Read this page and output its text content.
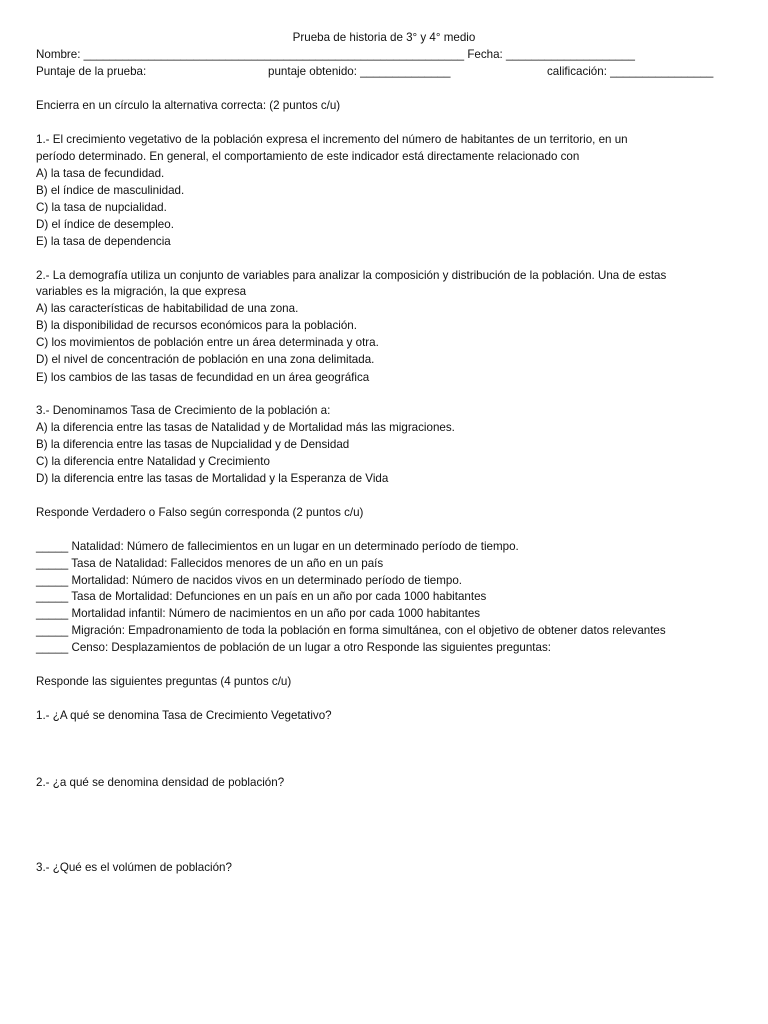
Prueba de historia de 3° y 4° medio
Nombre: ___________________________________________________________ Fecha: ____________________
Puntaje de la prueba:	puntaje obtenido: ______________	calificación: ________________
Encierra en un círculo la alternativa correcta: (2 puntos c/u)
1.- El crecimiento vegetativo de la población expresa el incremento del número de habitantes de un territorio, en un
período determinado. En general, el comportamiento de este indicador está directamente relacionado con
A) la tasa de fecundidad.
B) el índice de masculinidad.
C) la tasa de nupcialidad.
D) el índice de desempleo.
E) la tasa de dependencia
2.- La demografía utiliza un conjunto de variables para analizar la composición y distribución de la población. Una de estas
variables es la migración, la que expresa
A) las características de habitabilidad de una zona.
B) la disponibilidad de recursos económicos para la población.
C) los movimientos de población entre un área determinada y otra.
D) el nivel de concentración de población en una zona delimitada.
E) los cambios de las tasas de fecundidad en un área geográfica
3.- Denominamos Tasa de Crecimiento de la población a:
A) la diferencia entre las tasas de Natalidad y de Mortalidad más las migraciones.
B) la diferencia entre las tasas de Nupcialidad y de Densidad
C) la diferencia entre Natalidad y Crecimiento
D) la diferencia entre las tasas de Mortalidad y la Esperanza de Vida
Responde Verdadero o Falso según corresponda (2 puntos c/u)
_____ Natalidad: Número de fallecimientos en un lugar en un determinado período de tiempo.
_____ Tasa de Natalidad: Fallecidos menores de un año en un país
_____ Mortalidad: Número de nacidos vivos en un determinado período de tiempo.
_____ Tasa de Mortalidad: Defunciones en un país en un año por cada 1000 habitantes
_____ Mortalidad infantil: Número de nacimientos en un año por cada 1000 habitantes
_____ Migración: Empadronamiento de toda la población en forma simultánea, con el objetivo de obtener datos relevantes
_____ Censo: Desplazamientos de población de un lugar a otro Responde las siguientes preguntas:
Responde las siguientes preguntas (4 puntos c/u)
1.- ¿A qué se denomina Tasa de Crecimiento Vegetativo?
2.- ¿a qué se denomina densidad de población?
3.- ¿Qué es el volúmen de población?
